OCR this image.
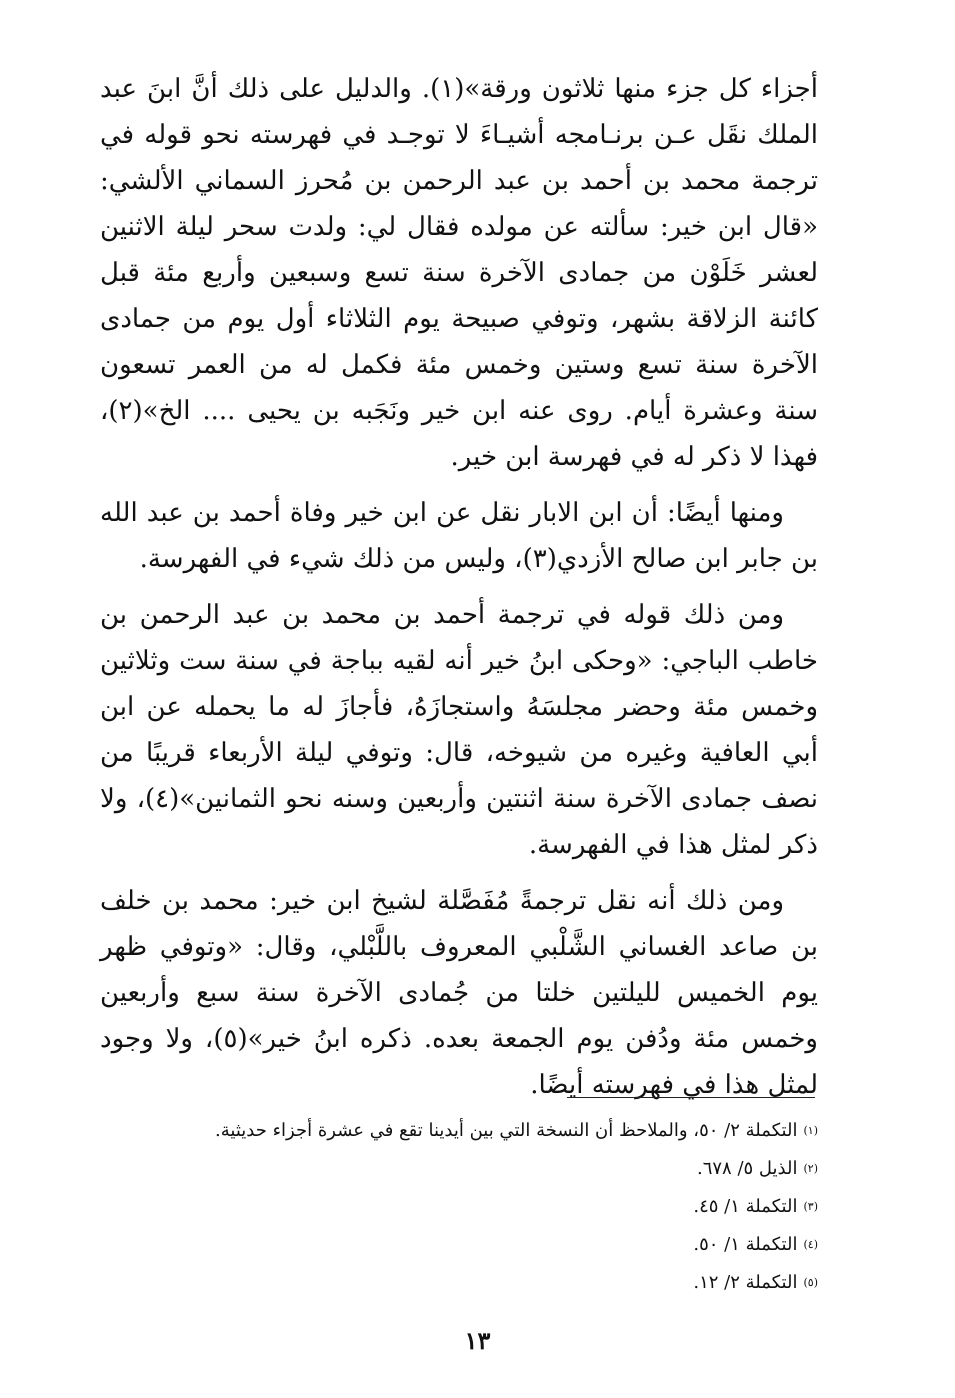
أجزاء كل جزء منها ثلاثون ورقة»(١). والدليل على ذلك أنَّ ابنَ عبد الملك نقَل عـن برنـامجه أشيـاءَ لا توجـد في فهرسته نحو قوله في ترجمة محمد بن أحمد بن عبد الرحمن بن مُحرز السماني الألشي: «قال ابن خير: سألته عن مولده فقال لي: ولدت سحر ليلة الاثنين لعشر خَلَوْن من جمادى الآخرة سنة تسع وسبعين وأربع مئة قبل كائنة الزلاقة بشهر، وتوفي صبيحة يوم الثلاثاء أول يوم من جمادى الآخرة سنة تسع وستين وخمس مئة فكمل له من العمر تسعون سنة وعشرة أيام. روى عنه ابن خير ونَجَبه بن يحيى .... الخ»(٢)، فهذا لا ذكر له في فهرسة ابن خير.

ومنها أيضًا: أن ابن الابار نقل عن ابن خير وفاة أحمد بن عبد الله بن جابر ابن صالح الأزدي(٣)، وليس من ذلك شيء في الفهرسة.

ومن ذلك قوله في ترجمة أحمد بن محمد بن عبد الرحمن بن خاطب الباجي: «وحكى ابنُ خير أنه لقيه بباجة في سنة ست وثلاثين وخمس مئة وحضر مجلسَهُ واستجازَهُ، فأجازَ له ما يحمله عن ابن أبي العافية وغيره من شيوخه، قال: وتوفي ليلة الأربعاء قريبًا من نصف جمادى الآخرة سنة اثنتين وأربعين وسنه نحو الثمانين»(٤)، ولا ذكر لمثل هذا في الفهرسة.

ومن ذلك أنه نقل ترجمةً مُفَصَّلة لشيخ ابن خير: محمد بن خلف بن صاعد الغساني الشَّلْبي المعروف باللَّبْلي، وقال: «وتوفي ظهر يوم الخميس لليلتين خلتا من جُمادى الآخرة سنة سبع وأربعين وخمس مئة ودُفن يوم الجمعة بعده. ذكره ابنُ خير»(٥)، ولا وجود لمثل هذا في فهرسته أيضًا.

(١)التكملة ٢/ ٥٠، والملاحظ أن النسخة التي بين أيدينا تقع في عشرة أجزاء حديثية.

(٢)الذيل ٥/ ٦٧٨.

(٣)التكملة ١/ ٤٥.

(٤)التكملة ١/ ٥٠.

(٥)التكملة ٢/ ١٢.

١٣
